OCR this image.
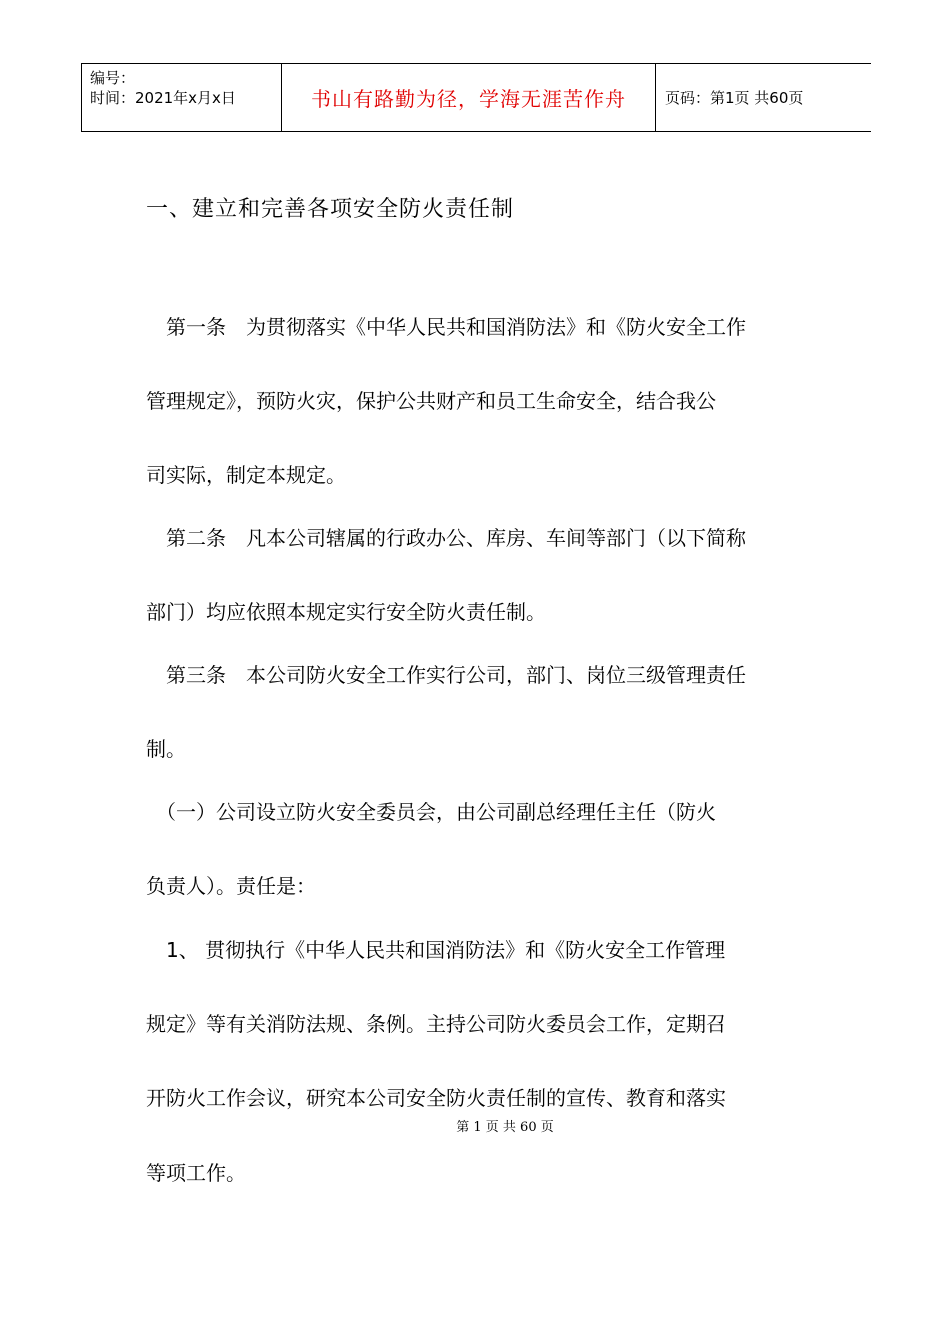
编号：
时间：2021年x月x日	书山有路勤为径，学海无涯苦作舟	页码：第1页 共60页
一、建立和完善各项安全防火责任制
　第一条　为贯彻落实《中华人民共和国消防法》和《防火安全工作
管理规定》，预防火灾，保护公共财产和员工生命安全，结合我公
司实际，制定本规定。
　第二条　凡本公司辖属的行政办公、库房、车间等部门（以下简称
部门）均应依照本规定实行安全防火责任制。
　第三条　本公司防火安全工作实行公司，部门、岗位三级管理责任
制。
　（一）公司设立防火安全委员会，由公司副总经理任主任（防火
负责人）。责任是：
　1、 贯彻执行《中华人民共和国消防法》和《防火安全工作管理
规定》等有关消防法规、条例。主持公司防火委员会工作，定期召
开防火工作会议，研究本公司安全防火责任制的宣传、教育和落实
等项工作。
第 1 页 共 60 页
